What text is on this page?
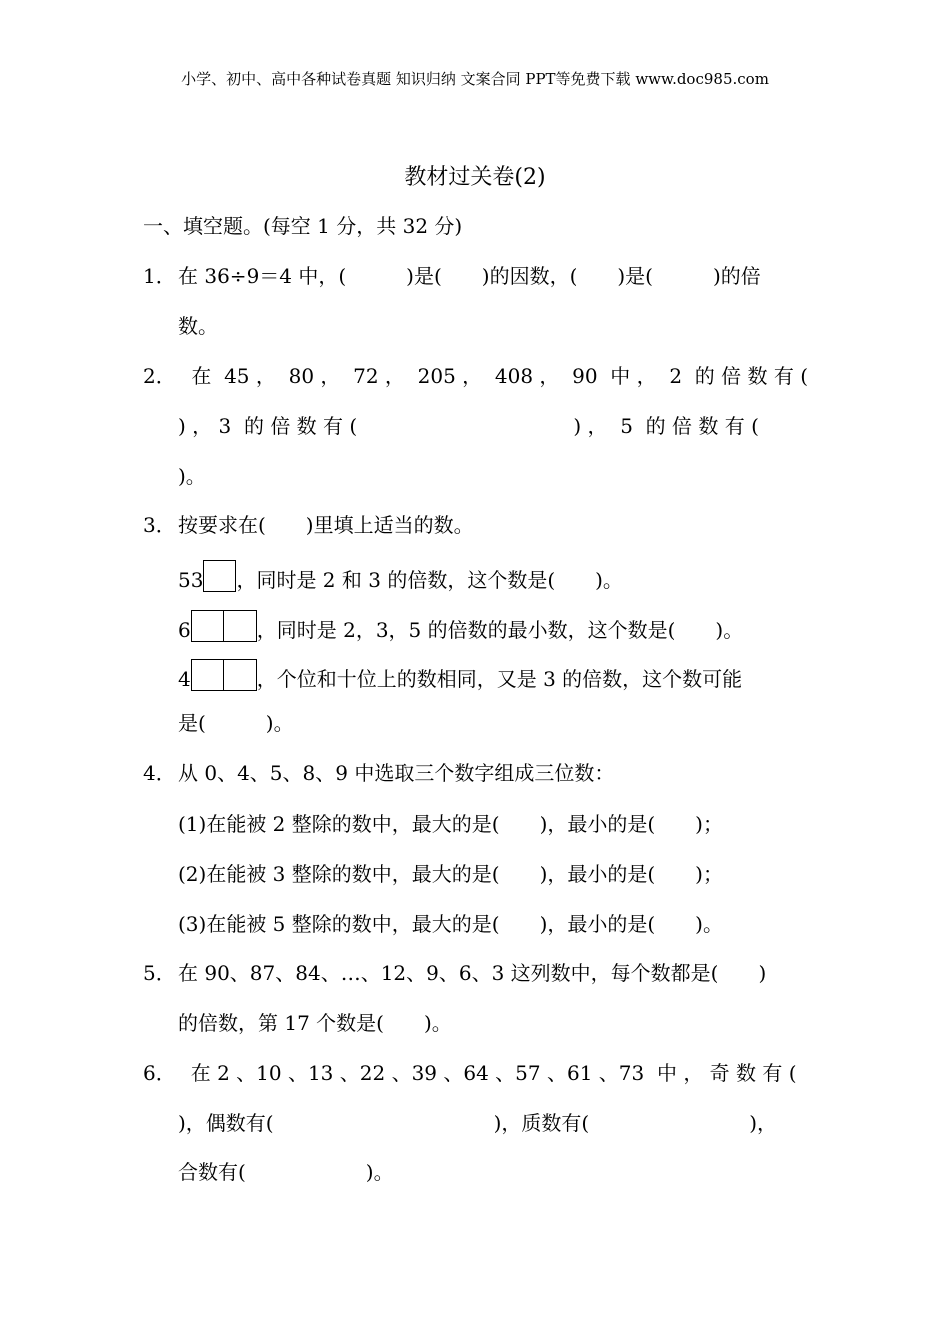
小学、初中、高中各种试卷真题 知识归纳 文案合同 PPT等免费下载 www.doc985.com
教材过关卷(2)
一、填空题。(每空 1 分，共 32 分)
1． 在 36÷9＝4 中，(　　　)是(　　)的因数，(　　)是(　　　)的倍
数。
2． 在  45 ，  80 ，  72 ，  205 ，  408 ，  90  中 ，  2  的 倍 数 有 (
) ， 3  的 倍 数 有 (                                  ) ，  5  的 倍 数 有 (
)。
3． 按要求在(　　)里填上适当的数。
53 ，同时是 2 和 3 的倍数，这个数是(　　)。
6	，同时是 2，3，5 的倍数的最小数，这个数是(　　)。
4	，个位和十位上的数相同，又是 3 的倍数，这个数可能
是(　　　)。
4． 从 0、4、5、8、9 中选取三个数字组成三位数：
(1)在能被 2 整除的数中，最大的是(　　)，最小的是(　　)；
(2)在能被 3 整除的数中，最大的是(　　)，最小的是(　　)；
(3)在能被 5 整除的数中，最大的是(　　)，最小的是(　　)。
5． 在 90、87、84、…、12、9、6、3 这列数中，每个数都是(　　)
的倍数，第 17 个数是(　　)。
6． 在 2 、10 、13 、22 、39 、64 、57 、61 、73  中 ， 奇 数 有 (
)，偶数有(　　　　　　　　　　　)，质数有(　　　　　　　　)，
合数有(　　　　　　)。
